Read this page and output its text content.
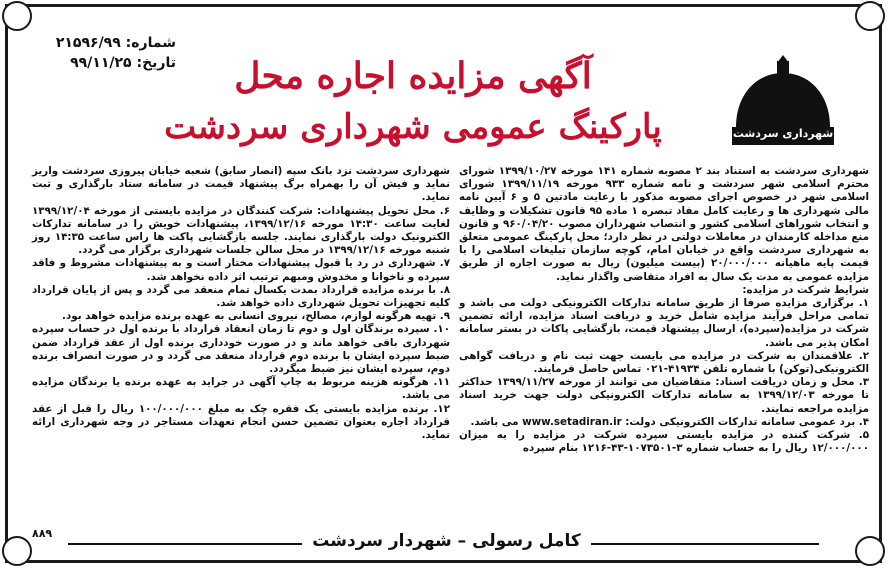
شماره: ۲۱۵۹۶/۹۹
تاریخ: ۹۹/۱۱/۲۵	آگهی مزایده اجاره محل
پارکینگ عمومی شهرداری سردشت	شهرداری سردشت

شهرداری سردشت به استناد بند ۲ مصوبه شماره ۱۴۱ مورخه ۱۳۹۹/۱۰/۲۷ شورای محترم اسلامی شهر سردشت و نامه شماره ۹۳۳ مورخه ۱۳۹۹/۱۱/۱۹ شورای اسلامی شهر در خصوص اجرای مصوبه مذکور با رعایت مادتین ۵ و ۶ آیین نامه مالی شهرداری ها و رعایت کامل مفاد تبصره ۱ ماده ۹۵ قانون تشکیلات و وظایف و انتخاب شوراهای اسلامی کشور و انتصاب شهرداران مصوب ۹۶۰/۰۴/۲۰ و قانون منع مداخله کارمندان در معاملات دولتی در نظر دارد؛ محل پارکینگ عمومی متعلق به شهرداری سردشت واقع در خیابان امام، کوچه سازمان تبلیغات اسلامی را با قیمت پایه ماهیانه ۲۰/۰۰۰/۰۰۰ (بیست میلیون) ریال به صورت اجاره از طریق مزایده عمومی به مدت یک سال به افراد متقاضی واگذار نماید.

شرایط شرکت در مزایده:

۱. برگزاری مزایده صرفا از طریق سامانه تدارکات الکترونیکی دولت می باشد و تمامی مراحل فرآیند مزایده شامل خرید و دریافت اسناد مزایده، ارائه تضمین شرکت در مزایده(سپرده)، ارسال پیشنهاد قیمت، بازگشایی پاکات در بستر سامانه امکان پذیر می باشد.

۲. علاقمندان به شرکت در مزایده می بایست جهت ثبت نام و دریافت گواهی الکترونیکی(توکن) با شماره تلفن ۴۱۹۳۴-۰۲۱ تماس حاصل فرمایند.

۳. محل و زمان دریافت اسناد: متقاضیان می توانند از مورخه ۱۳۹۹/۱۱/۲۷ حداکثر تا مورخه ۱۳۹۹/۱۲/۰۳ به سامانه تدارکات الکترونیکی دولت جهت خرید اسناد مزایده مراجعه نمایند.

۴. برد عمومی سامانه تدارکات الکترونیکی دولت: www.setadiran.ir می باشد.

۵. شرکت کننده در مزایده بایستی سپرده شرکت در مزایده را به میزان ۱۲/۰۰۰/۰۰۰ ریال را به حساب شماره ۳-۱۰۷۳۵۰۱-۴۳-۱۲۱۶ بنام سپرده

شهرداری سردشت نزد بانک سپه (انصار سابق) شعبه خیابان پیروزی سردشت واریز نماید و فیش آن را بهمراه برگ پیشنهاد قیمت در سامانه ستاد بارگذاری و ثبت نماید.

۶. محل تحویل پیشنهادات: شرکت کنندگان در مزایده بایستی از مورخه ۱۳۹۹/۱۲/۰۴ لغایت ساعت ۱۴:۳۰ مورخه ۱۳۹۹/۱۲/۱۶، پیشنهادات خویش را در سامانه تدارکات الکترونیک دولت بارگذاری نمایند. جلسه بازگشایی پاکت ها راس ساعت ۱۴:۳۵ روز شنبه مورخه ۱۳۹۹/۱۲/۱۶ در محل سالن جلسات شهرداری برگزار می گردد.

۷. شهرداری در رد یا قبول پیشنهادات مختار است و به پیشنهادات مشروط و فاقد سپرده و ناخوانا و مخدوش ومبهم ترتیب اثر داده نخواهد شد.

۸. با برنده مزایده قرارداد بمدت یکسال تمام منعقد می گردد و پس از پایان قرارداد کلیه تجهیزات تحویل شهرداری داده خواهد شد.

۹. تهیه هرگونه لوازم، مصالح، نیروی انسانی به عهده برنده مزایده خواهد بود.

۱۰. سپرده برندگان اول و دوم تا زمان انعقاد قرارداد با برنده اول در حساب سپرده شهرداری باقی خواهد ماند و در صورت خودداری برنده اول از عقد قرارداد ضمن ضبط سپرده ایشان با برنده دوم قرارداد منعقد می گردد و در صورت انصراف برنده دوم، سپرده ایشان نیز ضبط میگردد.

۱۱. هرگونه هزینه مربوط به چاپ آگهی در جراید به عهده برنده یا برندگان مزایده می باشد.

۱۲. برنده مزایده بایستی یک فقره چک به مبلغ ۱۰۰/۰۰۰/۰۰۰ ریال را قبل از عقد قرارداد اجاره بعنوان تضمین حسن انجام تعهدات مستاجر در وجه شهرداری ارائه نماید.

۸۸۹	کامل رسولی – شهردار سردشت
